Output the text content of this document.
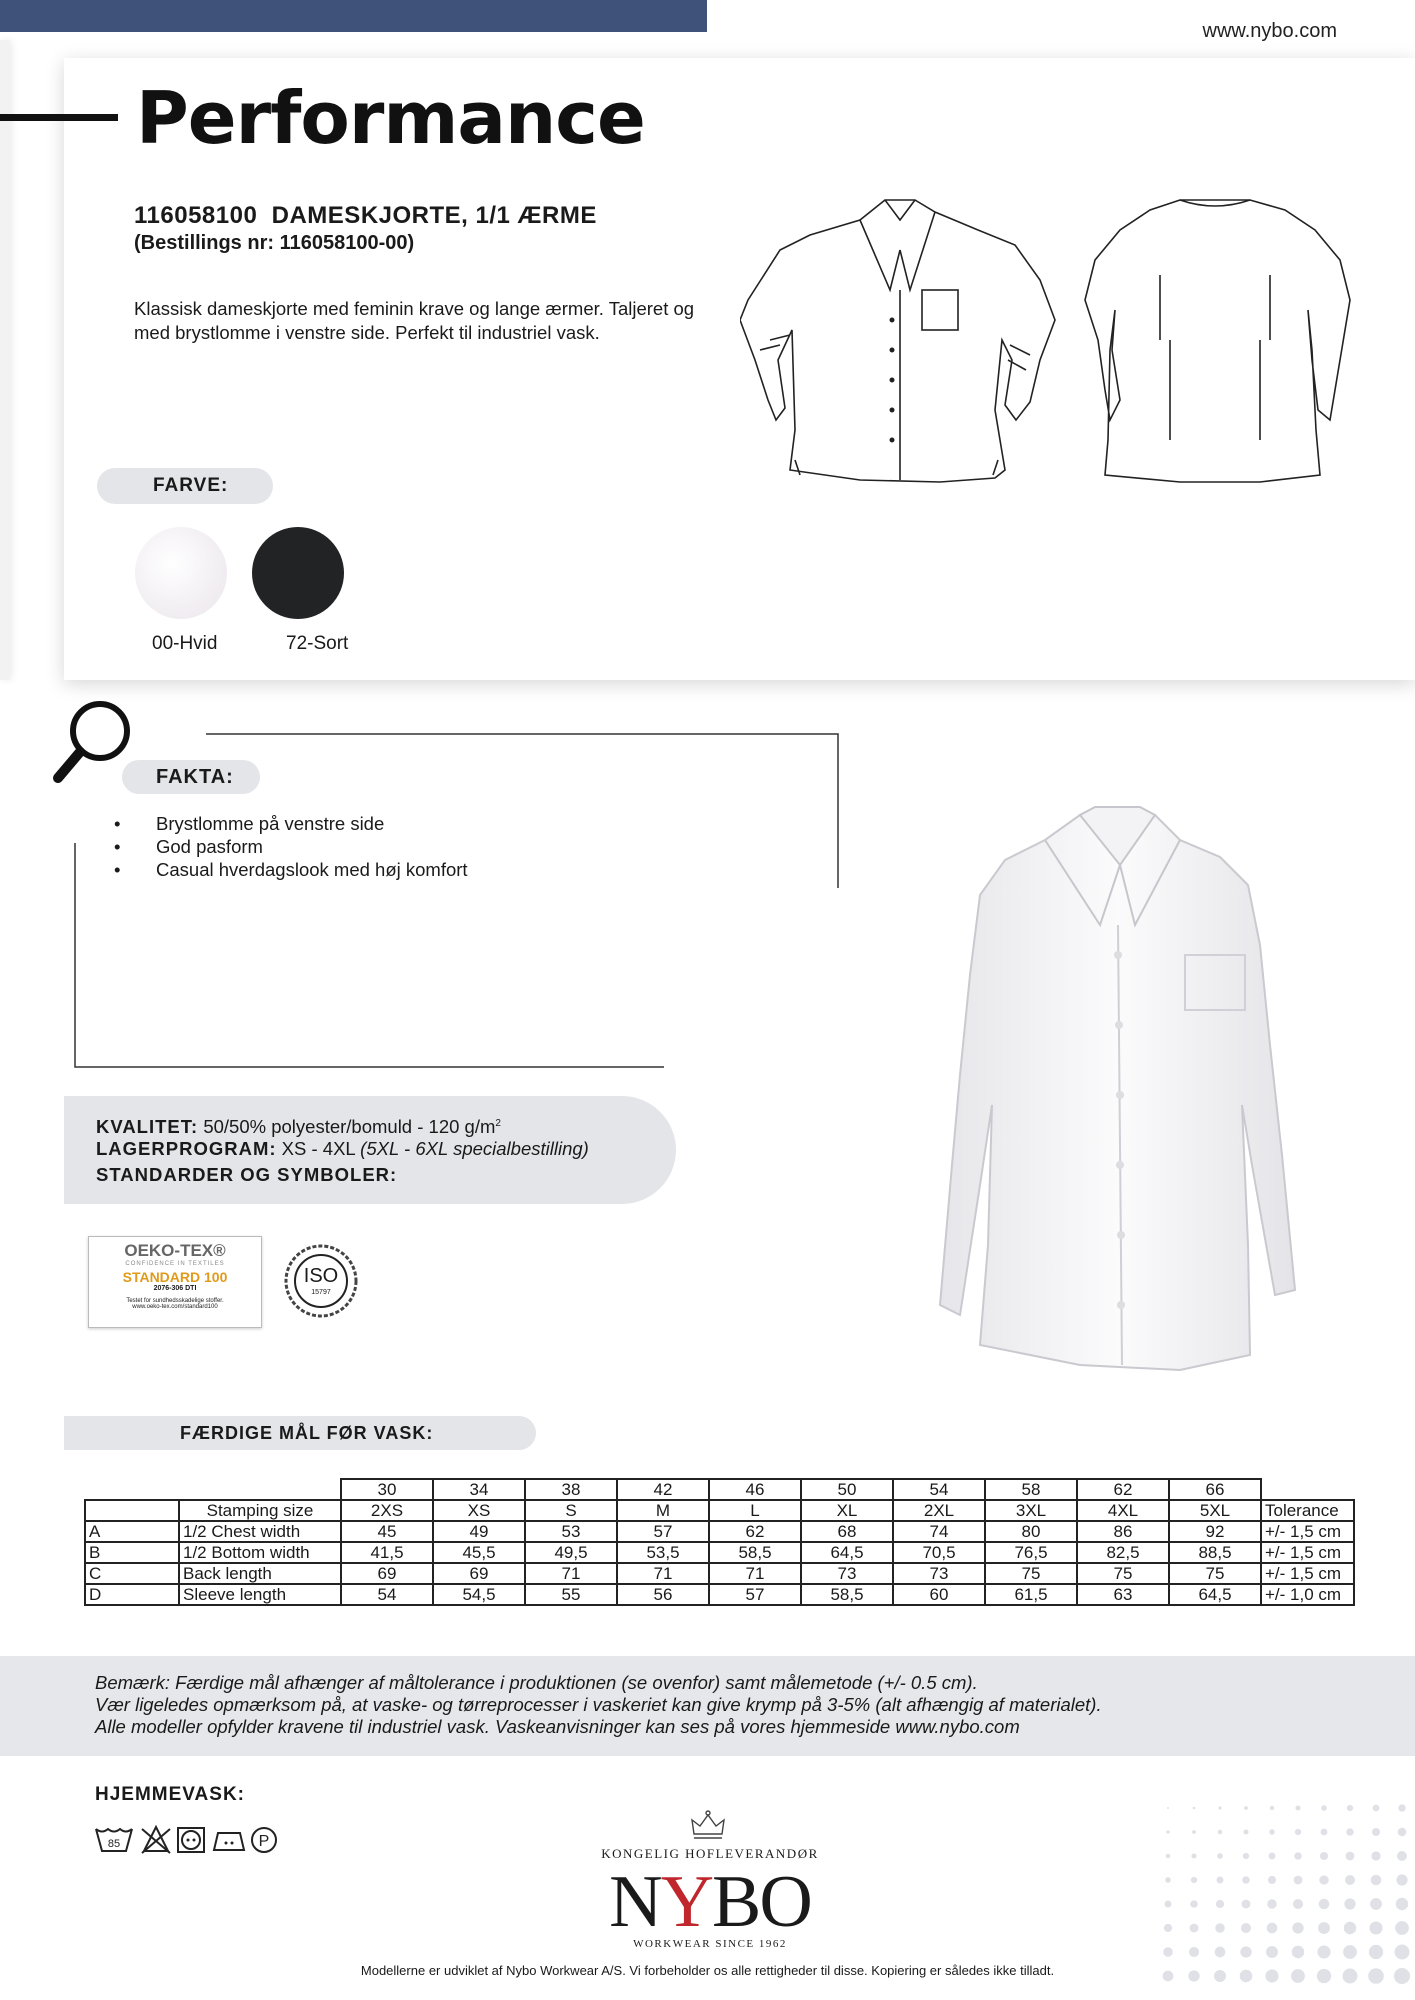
www.nybo.com
Performance
116058100  DAMESKJORTE, 1/1 ÆRME
(Bestillings nr: 116058100-00)
Klassisk dameskjorte med feminin krave og lange ærmer. Taljeret og med brystlomme i venstre side. Perfekt til industriel vask.
FARVE:
00-Hvid	72-Sort
FAKTA:
• Brystlomme på venstre side
• God pasform
• Casual hverdagslook med høj komfort
KVALITET: 50/50% polyester/bomuld - 120 $g/m^2$
LAGERPROGRAM: XS - 4XL (5XL - 6XL specialbestilling)
STANDARDER OG SYMBOLER:
OEKO-TEX®
CONFIDENCE IN TEXTILES
STANDARD 100
2076-306 DTI
Testet for sundhedsskadelige stoffer.
www.oeko-tex.com/standard100
ISO
15797
FÆRDIGE MÅL FØR VASK:
		30	34	38	42	46	50	54	58	62	66	
	Stamping size	2XS	XS	S	M	L	XL	2XL	3XL	4XL	5XL	Tolerance
A	1/2 Chest width	45	49	53	57	62	68	74	80	86	92	+/- 1,5 cm
B	1/2 Bottom width	41,5	45,5	49,5	53,5	58,5	64,5	70,5	76,5	82,5	88,5	+/- 1,5 cm
C	Back length	69	69	71	71	71	73	73	75	75	75	+/- 1,5 cm
D	Sleeve length	54	54,5	55	56	57	58,5	60	61,5	63	64,5	+/- 1,0 cm
Bemærk: Færdige mål afhænger af måltolerance i produktionen (se ovenfor) samt målemetode (+/- 0.5 cm).
Vær ligeledes opmærksom på, at vaske- og tørreprocesser i vaskeriet kan give krymp på 3-5% (alt afhængig af materialet).
Alle modeller opfylder kravene til industriel vask. Vaskeanvisninger kan ses på vores hjemmeside www.nybo.com
HJEMMEVASK:
85	P
KONGELIG HOFLEVERANDØR
NYBO
WORKWEAR SINCE 1962
Modellerne er udviklet af Nybo Workwear A/S. Vi forbeholder os alle rettigheder til disse. Kopiering er således ikke tilladt.
